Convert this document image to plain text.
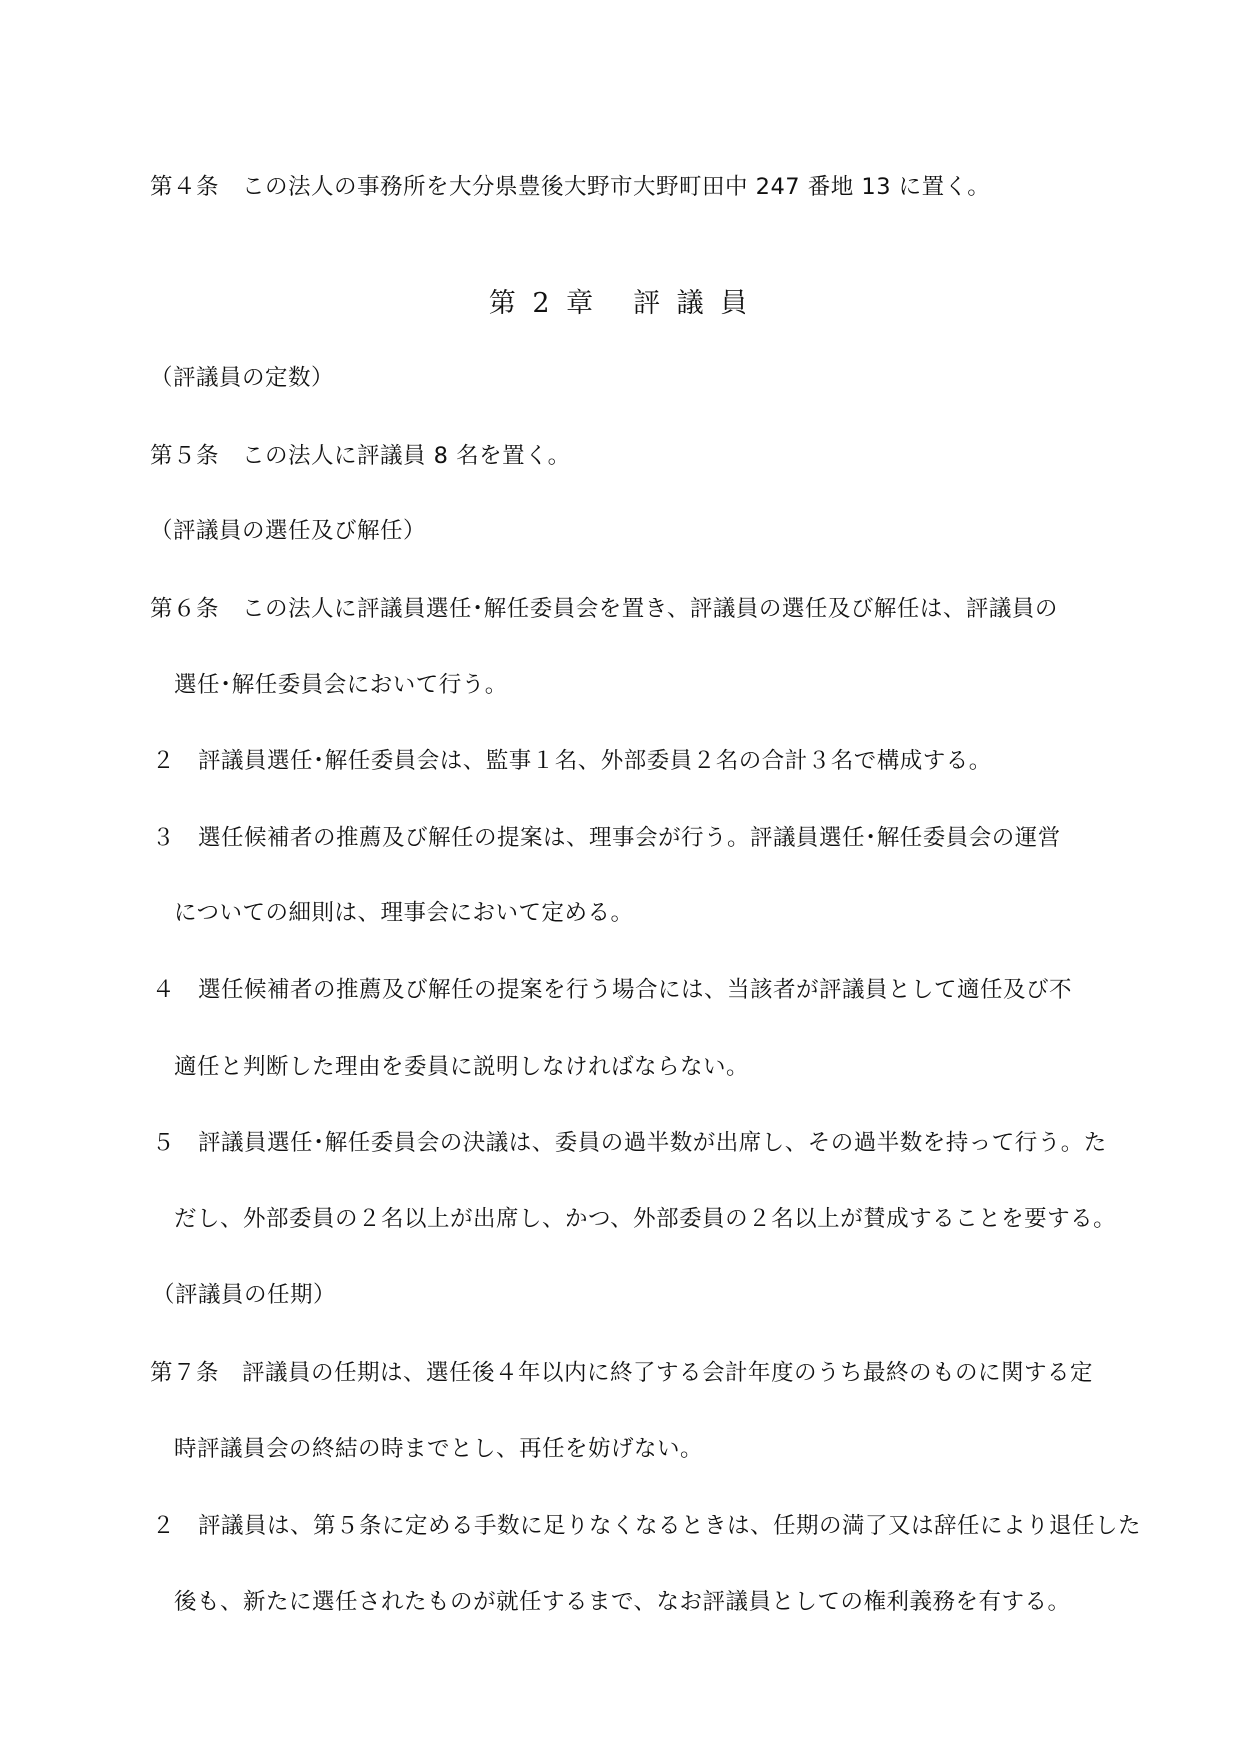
第４条　この法人の事務所を大分県豊後大野市大野町田中 247 番地 13 に置く。
第 2 章 評 議 員
（評議員の定数）
第５条　この法人に評議員 8 名を置く。
（評議員の選任及び解任）
第６条　この法人に評議員選任･解任委員会を置き、評議員の選任及び解任は、評議員の
選任･解任委員会において行う。
２　評議員選任･解任委員会は、監事１名、外部委員２名の合計３名で構成する。
３　選任候補者の推薦及び解任の提案は、理事会が行う。評議員選任･解任委員会の運営
についての細則は、理事会において定める。
４　選任候補者の推薦及び解任の提案を行う場合には、当該者が評議員として適任及び不
適任と判断した理由を委員に説明しなければならない。
５　評議員選任･解任委員会の決議は、委員の過半数が出席し、その過半数を持って行う。た
だし、外部委員の２名以上が出席し、かつ、外部委員の２名以上が賛成することを要する。
（評議員の任期）
第７条　評議員の任期は、選任後４年以内に終了する会計年度のうち最終のものに関する定
時評議員会の終結の時までとし、再任を妨げない。
２　評議員は、第５条に定める手数に足りなくなるときは、任期の満了又は辞任により退任した
後も、新たに選任されたものが就任するまで、なお評議員としての権利義務を有する。
